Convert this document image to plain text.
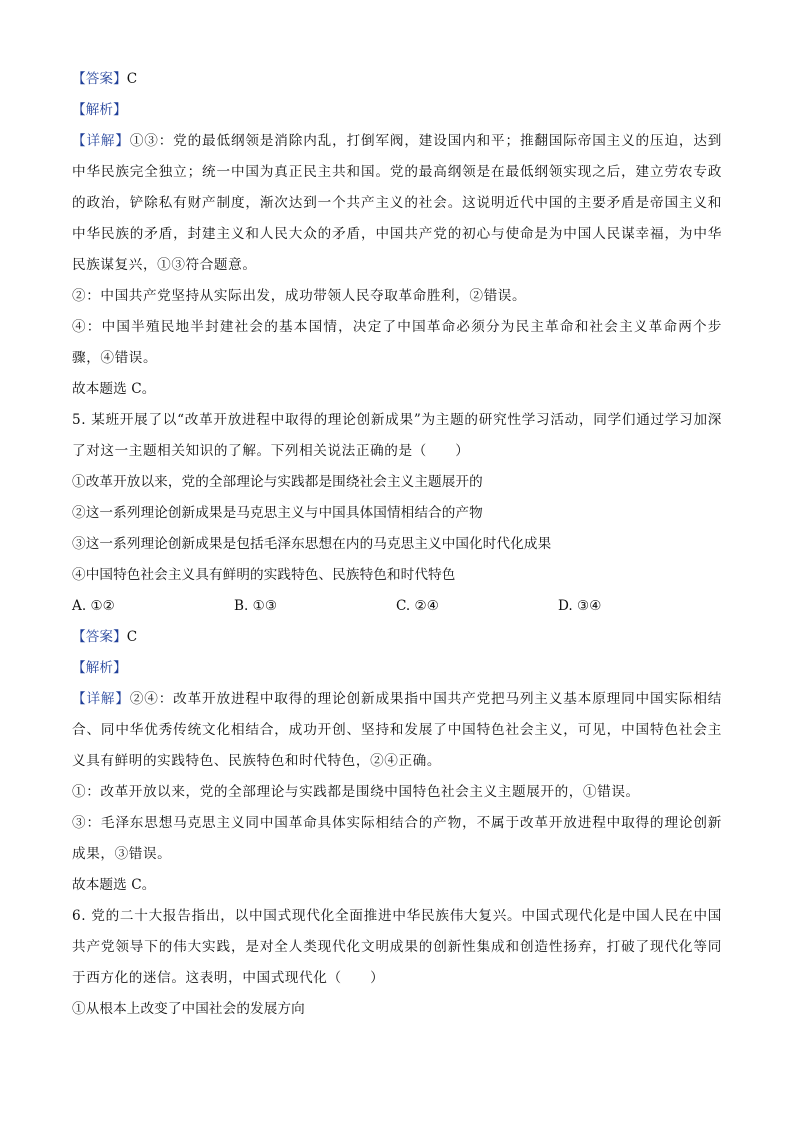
【答案】C
【解析】
【详解】①③：党的最低纲领是消除内乱，打倒军阀，建设国内和平；推翻国际帝国主义的压迫，达到中华民族完全独立；统一中国为真正民主共和国。党的最高纲领是在最低纲领实现之后，建立劳农专政的政治，铲除私有财产制度，渐次达到一个共产主义的社会。这说明近代中国的主要矛盾是帝国主义和中华民族的矛盾，封建主义和人民大众的矛盾，中国共产党的初心与使命是为中国人民谋幸福，为中华民族谋复兴，①③符合题意。
②：中国共产党坚持从实际出发，成功带领人民夺取革命胜利，②错误。
④：中国半殖民地半封建社会的基本国情，决定了中国革命必须分为民主革命和社会主义革命两个步骤，④错误。
故本题选 C。
5. 某班开展了以“改革开放进程中取得的理论创新成果”为主题的研究性学习活动，同学们通过学习加深了对这一主题相关知识的了解。下列相关说法正确的是（　　）
①改革开放以来，党的全部理论与实践都是围绕社会主义主题展开的
②这一系列理论创新成果是马克思主义与中国具体国情相结合的产物
③这一系列理论创新成果是包括毛泽东思想在内的马克思主义中国化时代化成果
④中国特色社会主义具有鲜明的实践特色、民族特色和时代特色
A. ①②	B. ①③	C. ②④	D. ③④
【答案】C
【解析】
【详解】②④：改革开放进程中取得的理论创新成果指中国共产党把马列主义基本原理同中国实际相结合、同中华优秀传统文化相结合，成功开创、坚持和发展了中国特色社会主义，可见，中国特色社会主义具有鲜明的实践特色、民族特色和时代特色，②④正确。
①：改革开放以来，党的全部理论与实践都是围绕中国特色社会主义主题展开的，①错误。
③：毛泽东思想马克思主义同中国革命具体实际相结合的产物，不属于改革开放进程中取得的理论创新成果，③错误。
故本题选 C。
6. 党的二十大报告指出，以中国式现代化全面推进中华民族伟大复兴。中国式现代化是中国人民在中国共产党领导下的伟大实践，是对全人类现代化文明成果的创新性集成和创造性扬弃，打破了现代化等同于西方化的迷信。这表明，中国式现代化（　　）
①从根本上改变了中国社会的发展方向
